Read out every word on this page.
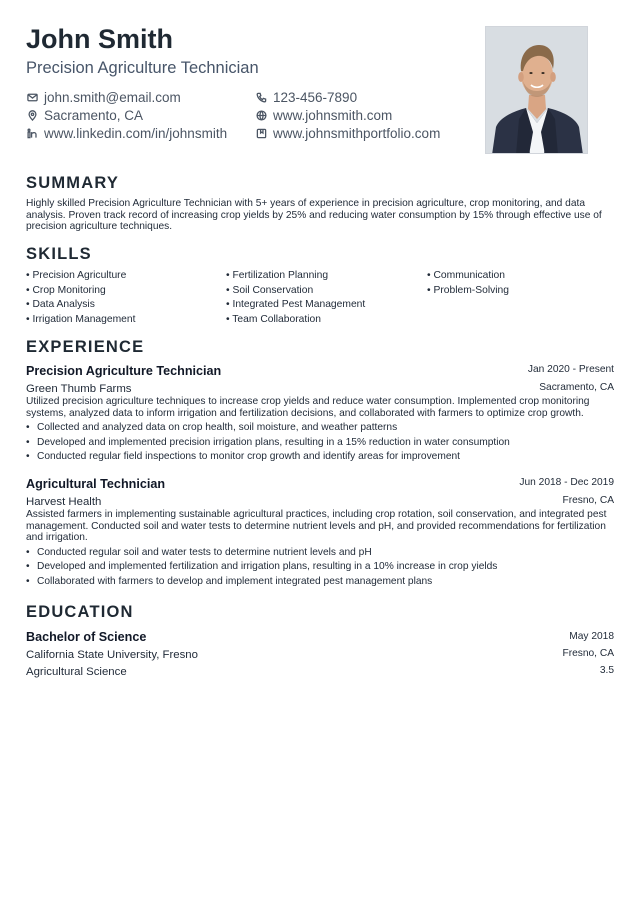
John Smith
Precision Agriculture Technician
john.smith@email.com
Sacramento, CA
www.linkedin.com/in/johnsmith
123-456-7890
www.johnsmith.com
www.johnsmithportfolio.com
SUMMARY
Highly skilled Precision Agriculture Technician with 5+ years of experience in precision agriculture, crop monitoring, and data analysis. Proven track record of increasing crop yields by 25% and reducing water consumption by 15% through effective use of precision agriculture techniques.
SKILLS
• Precision Agriculture
• Crop Monitoring
• Data Analysis
• Irrigation Management
• Fertilization Planning
• Soil Conservation
• Integrated Pest Management
• Team Collaboration
• Communication
• Problem-Solving
EXPERIENCE
Precision Agriculture Technician	Jan 2020 - Present
Green Thumb Farms	Sacramento, CA
Utilized precision agriculture techniques to increase crop yields and reduce water consumption. Implemented crop monitoring systems, analyzed data to inform irrigation and fertilization decisions, and collaborated with farmers to optimize crop growth.
• Collected and analyzed data on crop health, soil moisture, and weather patterns
• Developed and implemented precision irrigation plans, resulting in a 15% reduction in water consumption
• Conducted regular field inspections to monitor crop growth and identify areas for improvement
Agricultural Technician	Jun 2018 - Dec 2019
Harvest Health	Fresno, CA
Assisted farmers in implementing sustainable agricultural practices, including crop rotation, soil conservation, and integrated pest management. Conducted soil and water tests to determine nutrient levels and pH, and provided recommendations for fertilization and irrigation.
• Conducted regular soil and water tests to determine nutrient levels and pH
• Developed and implemented fertilization and irrigation plans, resulting in a 10% increase in crop yields
• Collaborated with farmers to develop and implement integrated pest management plans
EDUCATION
Bachelor of Science	May 2018
California State University, Fresno	Fresno, CA
Agricultural Science	3.5
